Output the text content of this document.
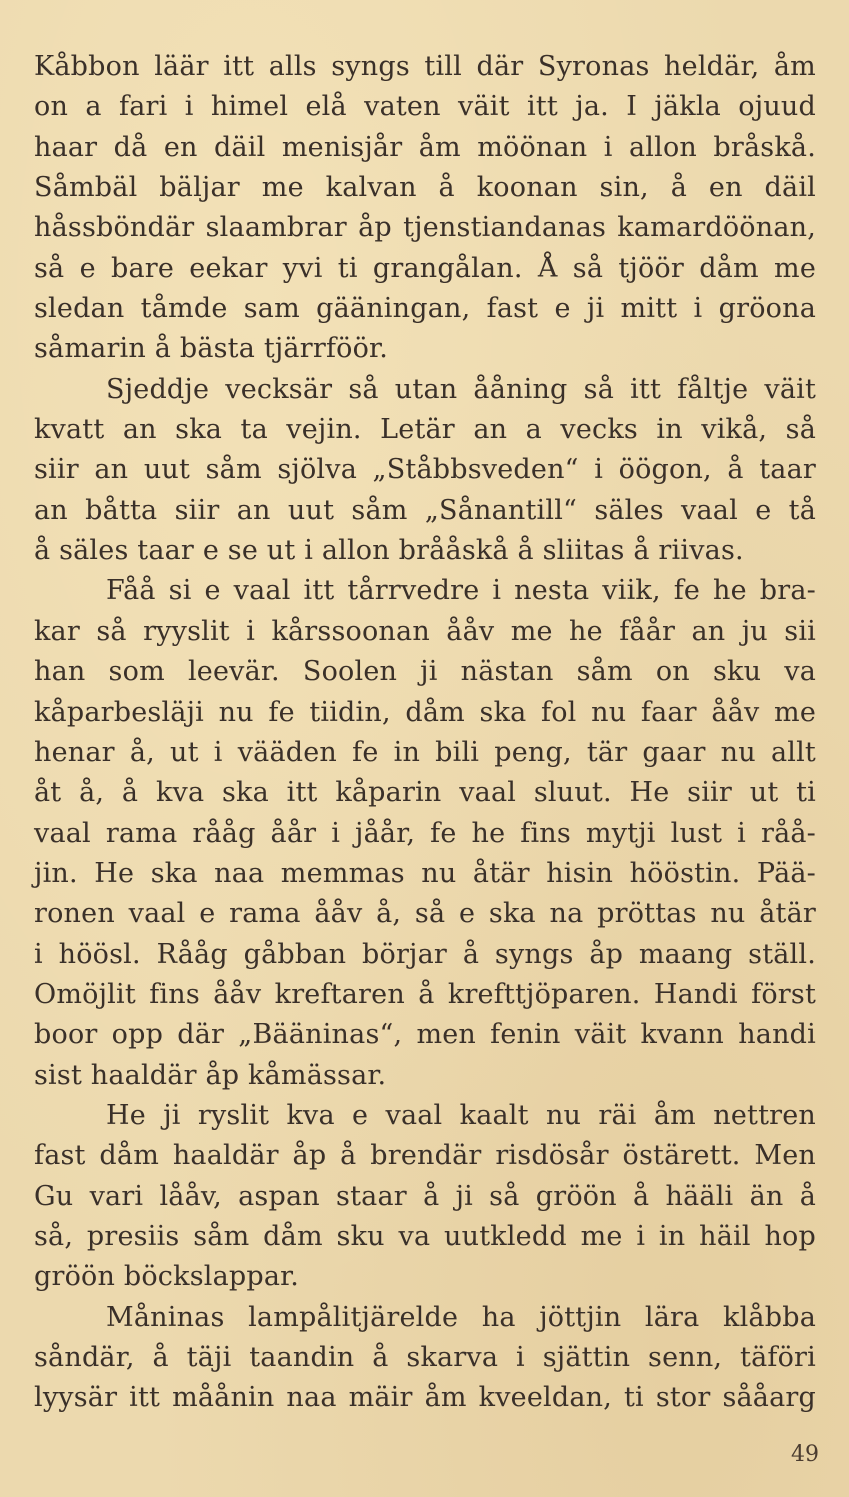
Kåbbon läär itt alls syngs till där Syronas heldär, åm
on a fari i himel elå vaten väit itt ja. I jäkla ojuud
haar då en däil menisjår åm möönan i allon bråskå.
Såmbäl bäljar me kalvan å koonan sin, å en däil
håssböndär slaambrar åp tjenstiandanas kamardöönan,
så e bare eekar yvi ti grangålan. Å så tjöör dåm me
sledan tåmde sam gääningan, fast e ji mitt i gröona
såmarin å bästa tjärrföör.
Sjeddje vecksär så utan ååning så itt fåltje väit
kvatt an ska ta vejin. Letär an a vecks in vikå, så
siir an uut såm sjölva „Ståbbsveden“ i öögon, å taar
an båtta siir an uut såm „Sånantill“ säles vaal e tå
å säles taar e se ut i allon brååskå å sliitas å riivas.
Fåå si e vaal itt tårrvedre i nesta viik, fe he bra-
kar så ryyslit i kårssoonan ååv me he fåår an ju sii
han som leevär. Soolen ji nästan såm on sku va
kåparbesläji nu fe tiidin, dåm ska fol nu faar ååv me
henar å, ut i vääden fe in bili peng, tär gaar nu allt
åt å, å kva ska itt kåparin vaal sluut. He siir ut ti
vaal rama rååg åår i jåår, fe he fins mytji lust i råå-
jin. He ska naa memmas nu åtär hisin hööstin. Pää-
ronen vaal e rama ååv å, så e ska na pröttas nu åtär
i höösl. Rååg gåbban börjar å syngs åp maang ställ.
Omöjlit fins ååv kreftaren å krefttjöparen. Handi först
boor opp där „Bääninas“, men fenin väit kvann handi
sist haaldär åp kåmässar.
He ji ryslit kva e vaal kaalt nu räi åm nettren
fast dåm haaldär åp å brendär risdösår östärett. Men
Gu vari lååv, aspan staar å ji så gröön å hääli än å
så, presiis såm dåm sku va uutkledd me i in häil hop
gröön böckslappar.
Måninas lampålitjärelde ha jöttjin lära klåbba
såndär, å täji taandin å skarva i sjättin senn, täföri
lyysär itt måånin naa mäir åm kveeldan, ti stor sååarg
49
